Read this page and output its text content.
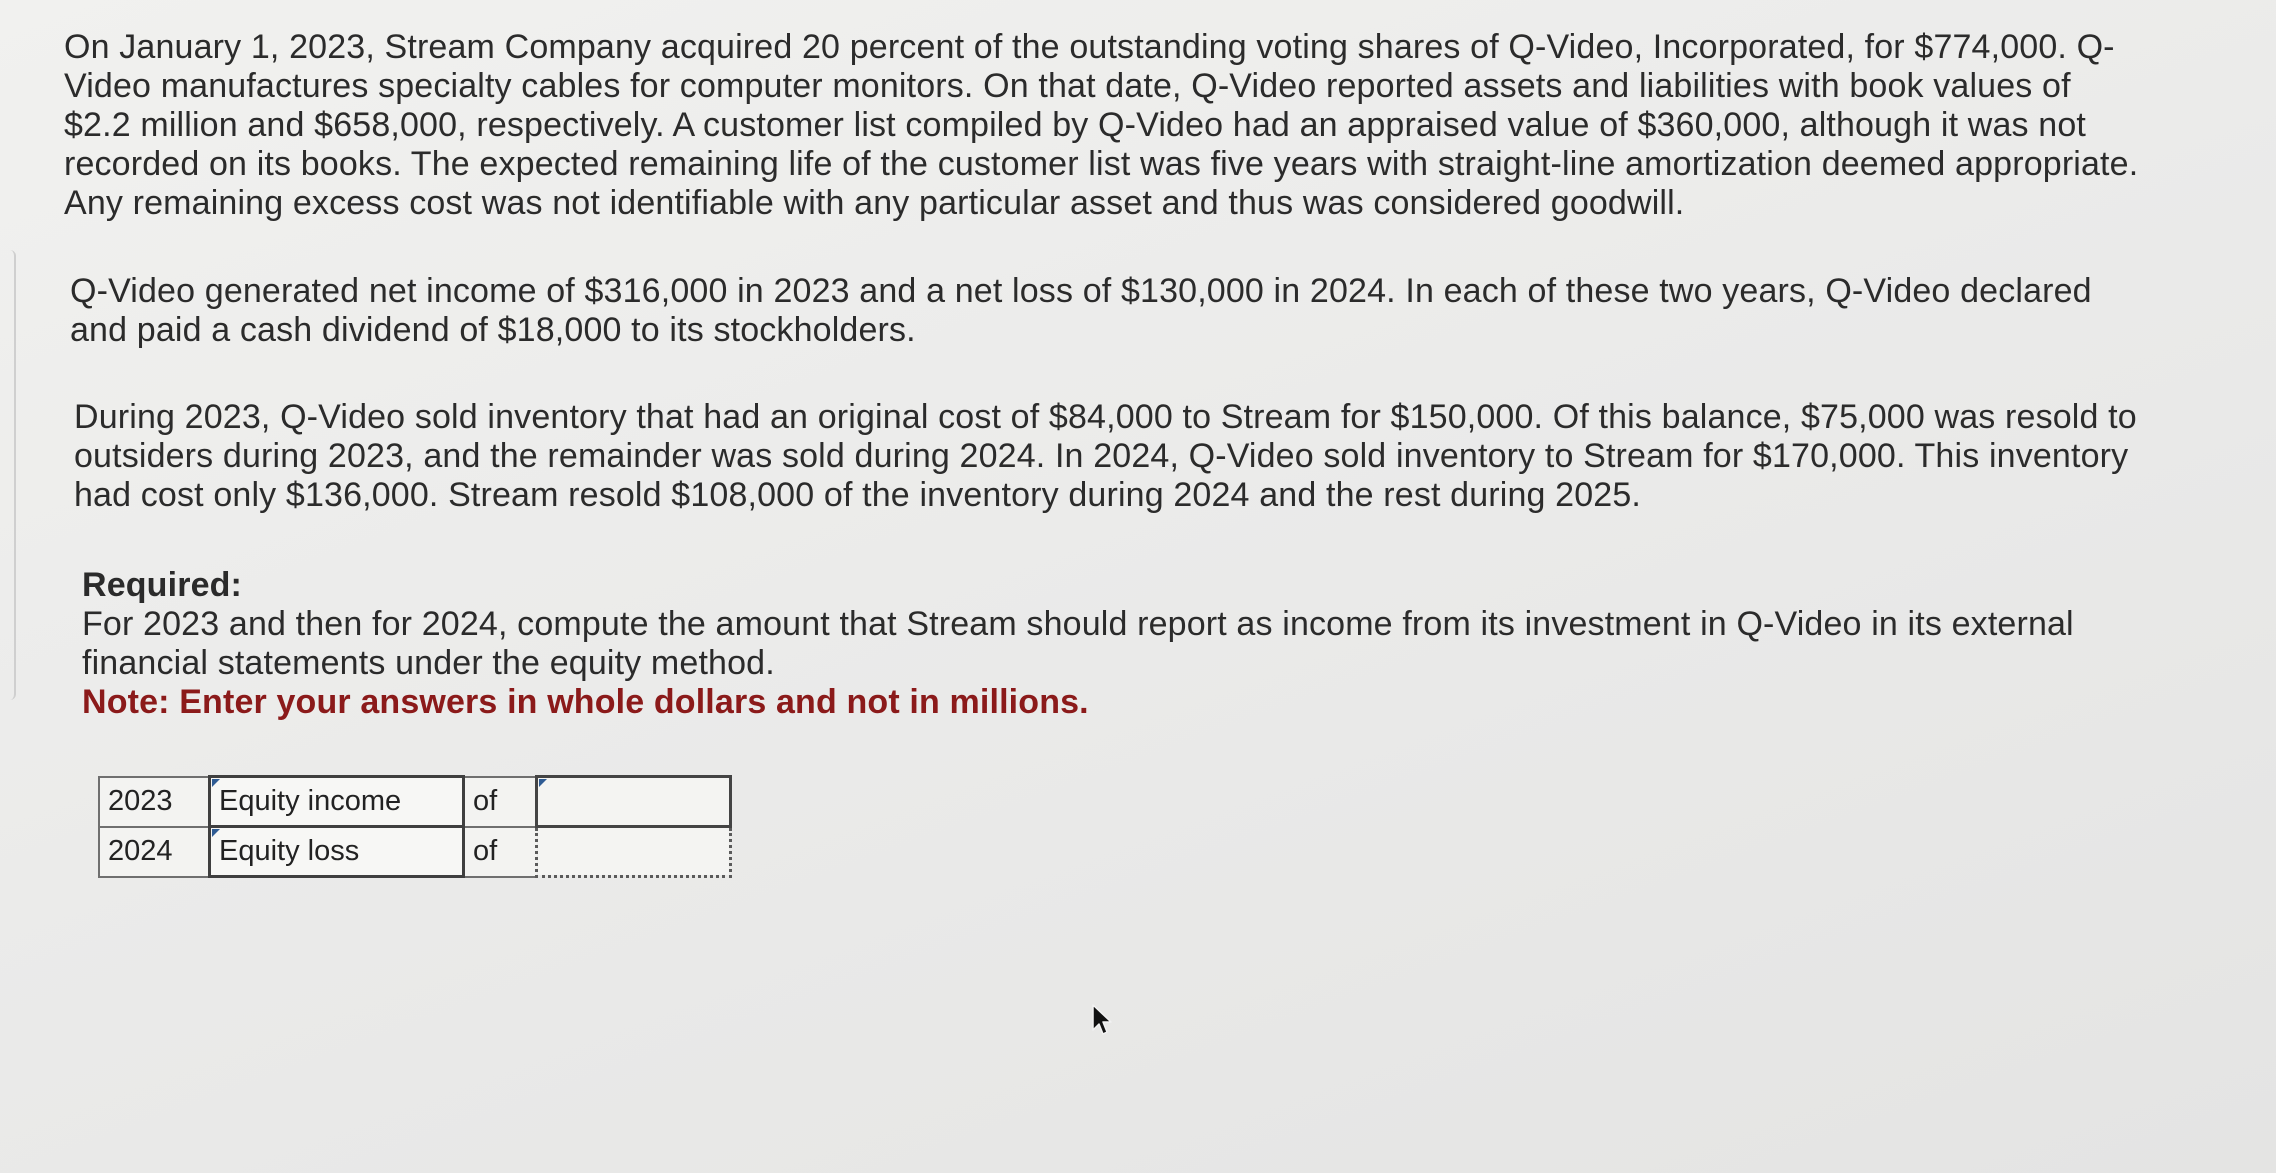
On January 1, 2023, Stream Company acquired 20 percent of the outstanding voting shares of Q-Video, Incorporated, for $774,000. Q-Video manufactures specialty cables for computer monitors. On that date, Q-Video reported assets and liabilities with book values of $2.2 million and $658,000, respectively. A customer list compiled by Q-Video had an appraised value of $360,000, although it was not recorded on its books. The expected remaining life of the customer list was five years with straight-line amortization deemed appropriate. Any remaining excess cost was not identifiable with any particular asset and thus was considered goodwill.

Q-Video generated net income of $316,000 in 2023 and a net loss of $130,000 in 2024. In each of these two years, Q-Video declared and paid a cash dividend of $18,000 to its stockholders.

During 2023, Q-Video sold inventory that had an original cost of $84,000 to Stream for $150,000. Of this balance, $75,000 was resold to outsiders during 2023, and the remainder was sold during 2024. In 2024, Q-Video sold inventory to Stream for $170,000. This inventory had cost only $136,000. Stream resold $108,000 of the inventory during 2024 and the rest during 2025.

Required:

For 2023 and then for 2024, compute the amount that Stream should report as income from its investment in Q-Video in its external financial statements under the equity method.

Note: Enter your answers in whole dollars and not in millions.

2023	Equity income	of	

2024	Equity loss	of	
